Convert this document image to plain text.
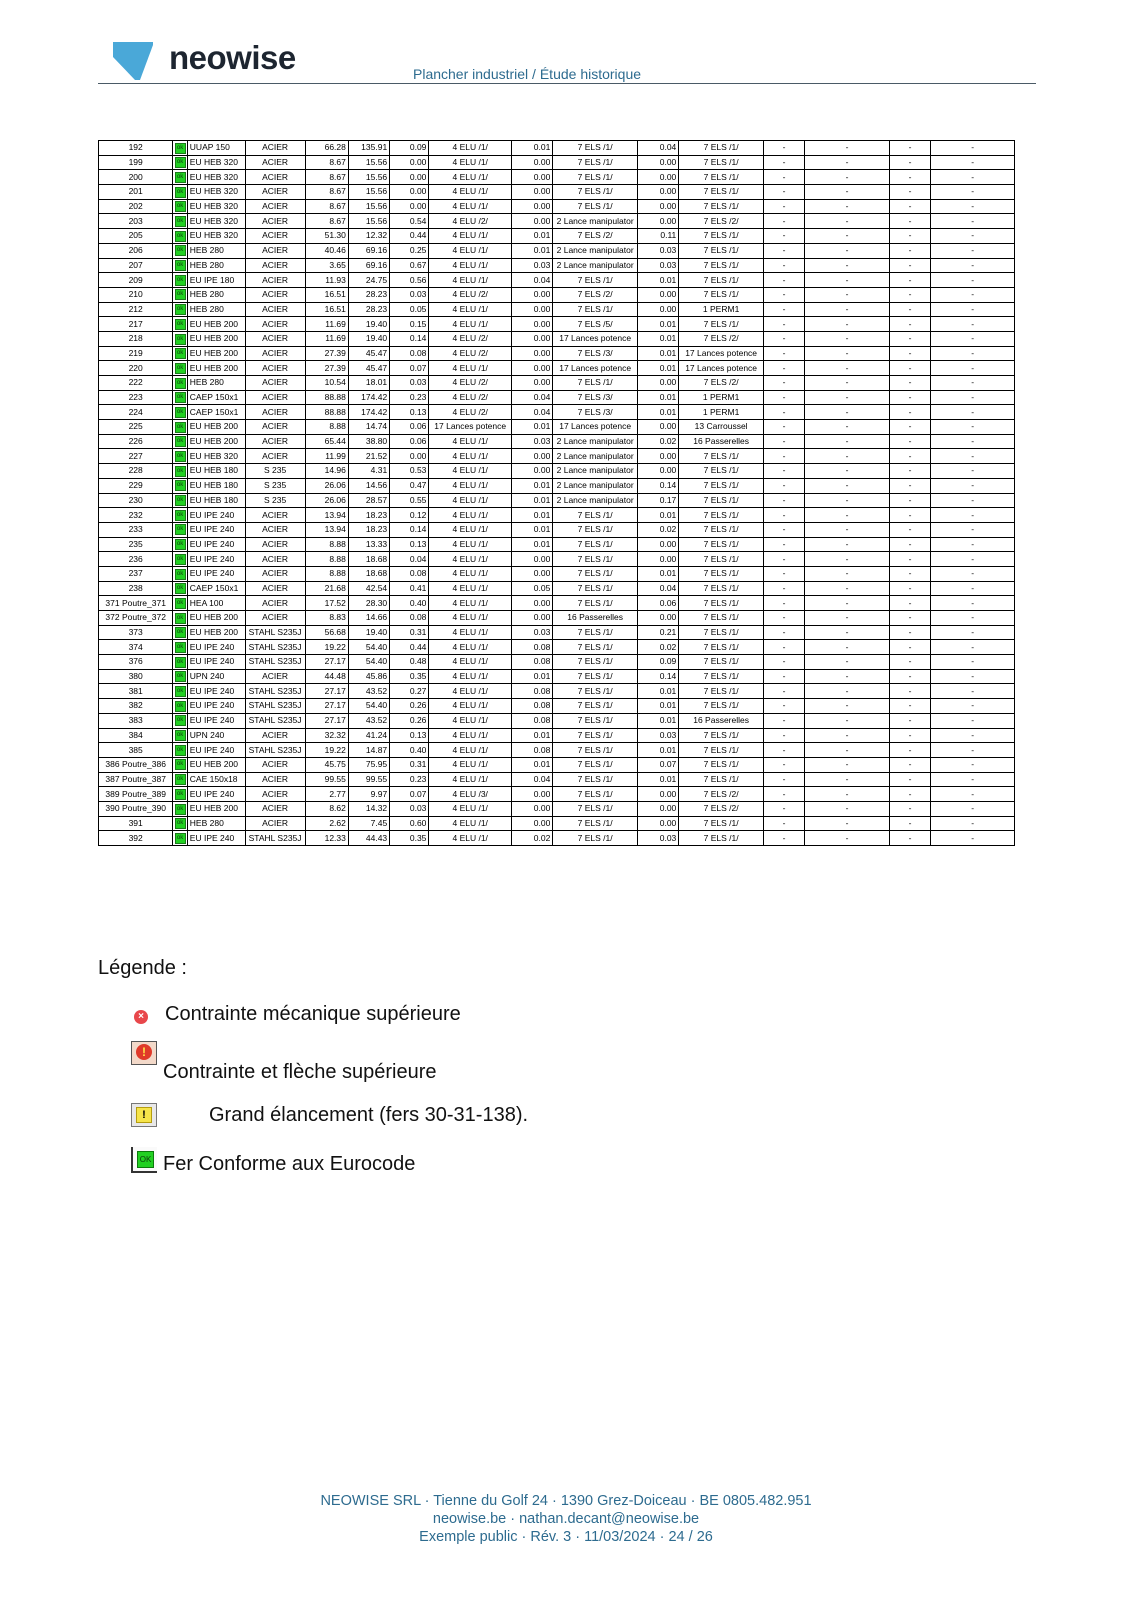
neowise	Plancher industriel / Étude historique
192	ok	UUAP 150	ACIER	66.28	135.91	0.09	4 ELU /1/	0.01	7 ELS /1/	0.04	7 ELS /1/	-	-	-	-
199	ok	EU HEB 320	ACIER	8.67	15.56	0.00	4 ELU /1/	0.00	7 ELS /1/	0.00	7 ELS /1/	-	-	-	-
200	ok	EU HEB 320	ACIER	8.67	15.56	0.00	4 ELU /1/	0.00	7 ELS /1/	0.00	7 ELS /1/	-	-	-	-
201	ok	EU HEB 320	ACIER	8.67	15.56	0.00	4 ELU /1/	0.00	7 ELS /1/	0.00	7 ELS /1/	-	-	-	-
202	ok	EU HEB 320	ACIER	8.67	15.56	0.00	4 ELU /1/	0.00	7 ELS /1/	0.00	7 ELS /1/	-	-	-	-
203	ok	EU HEB 320	ACIER	8.67	15.56	0.54	4 ELU /2/	0.00	2 Lance manipulator	0.00	7 ELS /2/	-	-	-	-
205	ok	EU HEB 320	ACIER	51.30	12.32	0.44	4 ELU /1/	0.01	7 ELS /2/	0.11	7 ELS /1/	-	-	-	-
206	ok	HEB 280	ACIER	40.46	69.16	0.25	4 ELU /1/	0.01	2 Lance manipulator	0.03	7 ELS /1/	-	-	-	-
207	ok	HEB 280	ACIER	3.65	69.16	0.67	4 ELU /1/	0.03	2 Lance manipulator	0.03	7 ELS /1/	-	-	-	-
209	ok	EU IPE 180	ACIER	11.93	24.75	0.56	4 ELU /1/	0.04	7 ELS /1/	0.01	7 ELS /1/	-	-	-	-
210	ok	HEB 280	ACIER	16.51	28.23	0.03	4 ELU /2/	0.00	7 ELS /2/	0.00	7 ELS /1/	-	-	-	-
212	ok	HEB 280	ACIER	16.51	28.23	0.05	4 ELU /1/	0.00	7 ELS /1/	0.00	1 PERM1	-	-	-	-
217	ok	EU HEB 200	ACIER	11.69	19.40	0.15	4 ELU /1/	0.00	7 ELS /5/	0.01	7 ELS /1/	-	-	-	-
218	ok	EU HEB 200	ACIER	11.69	19.40	0.14	4 ELU /2/	0.00	17 Lances potence	0.01	7 ELS /2/	-	-	-	-
219	ok	EU HEB 200	ACIER	27.39	45.47	0.08	4 ELU /2/	0.00	7 ELS /3/	0.01	17 Lances potence	-	-	-	-
220	ok	EU HEB 200	ACIER	27.39	45.47	0.07	4 ELU /1/	0.00	17 Lances potence	0.01	17 Lances potence	-	-	-	-
222	ok	HEB 280	ACIER	10.54	18.01	0.03	4 ELU /2/	0.00	7 ELS /1/	0.00	7 ELS /2/	-	-	-	-
223	ok	CAEP 150x1	ACIER	88.88	174.42	0.23	4 ELU /2/	0.04	7 ELS /3/	0.01	1 PERM1	-	-	-	-
224	ok	CAEP 150x1	ACIER	88.88	174.42	0.13	4 ELU /2/	0.04	7 ELS /3/	0.01	1 PERM1	-	-	-	-
225	ok	EU HEB 200	ACIER	8.88	14.74	0.06	17 Lances potence	0.01	17 Lances potence	0.00	13 Carroussel	-	-	-	-
226	ok	EU HEB 200	ACIER	65.44	38.80	0.06	4 ELU /1/	0.03	2 Lance manipulator	0.02	16 Passerelles	-	-	-	-
227	ok	EU HEB 320	ACIER	11.99	21.52	0.00	4 ELU /1/	0.00	2 Lance manipulator	0.00	7 ELS /1/	-	-	-	-
228	ok	EU HEB 180	S 235	14.96	4.31	0.53	4 ELU /1/	0.00	2 Lance manipulator	0.00	7 ELS /1/	-	-	-	-
229	ok	EU HEB 180	S 235	26.06	14.56	0.47	4 ELU /1/	0.01	2 Lance manipulator	0.14	7 ELS /1/	-	-	-	-
230	ok	EU HEB 180	S 235	26.06	28.57	0.55	4 ELU /1/	0.01	2 Lance manipulator	0.17	7 ELS /1/	-	-	-	-
232	ok	EU IPE 240	ACIER	13.94	18.23	0.12	4 ELU /1/	0.01	7 ELS /1/	0.01	7 ELS /1/	-	-	-	-
233	ok	EU IPE 240	ACIER	13.94	18.23	0.14	4 ELU /1/	0.01	7 ELS /1/	0.02	7 ELS /1/	-	-	-	-
235	ok	EU IPE 240	ACIER	8.88	13.33	0.13	4 ELU /1/	0.01	7 ELS /1/	0.00	7 ELS /1/	-	-	-	-
236	ok	EU IPE 240	ACIER	8.88	18.68	0.04	4 ELU /1/	0.00	7 ELS /1/	0.00	7 ELS /1/	-	-	-	-
237	ok	EU IPE 240	ACIER	8.88	18.68	0.08	4 ELU /1/	0.00	7 ELS /1/	0.01	7 ELS /1/	-	-	-	-
238	ok	CAEP 150x1	ACIER	21.68	42.54	0.41	4 ELU /1/	0.05	7 ELS /1/	0.04	7 ELS /1/	-	-	-	-
371 Poutre_371	ok	HEA 100	ACIER	17.52	28.30	0.40	4 ELU /1/	0.00	7 ELS /1/	0.06	7 ELS /1/	-	-	-	-
372 Poutre_372	ok	EU HEB 200	ACIER	8.83	14.66	0.08	4 ELU /1/	0.00	16 Passerelles	0.00	7 ELS /1/	-	-	-	-
373	ok	EU HEB 200	STAHL S235J	56.68	19.40	0.31	4 ELU /1/	0.03	7 ELS /1/	0.21	7 ELS /1/	-	-	-	-
374	ok	EU IPE 240	STAHL S235J	19.22	54.40	0.44	4 ELU /1/	0.08	7 ELS /1/	0.02	7 ELS /1/	-	-	-	-
376	ok	EU IPE 240	STAHL S235J	27.17	54.40	0.48	4 ELU /1/	0.08	7 ELS /1/	0.09	7 ELS /1/	-	-	-	-
380	ok	UPN 240	ACIER	44.48	45.86	0.35	4 ELU /1/	0.01	7 ELS /1/	0.14	7 ELS /1/	-	-	-	-
381	ok	EU IPE 240	STAHL S235J	27.17	43.52	0.27	4 ELU /1/	0.08	7 ELS /1/	0.01	7 ELS /1/	-	-	-	-
382	ok	EU IPE 240	STAHL S235J	27.17	54.40	0.26	4 ELU /1/	0.08	7 ELS /1/	0.01	7 ELS /1/	-	-	-	-
383	ok	EU IPE 240	STAHL S235J	27.17	43.52	0.26	4 ELU /1/	0.08	7 ELS /1/	0.01	16 Passerelles	-	-	-	-
384	ok	UPN 240	ACIER	32.32	41.24	0.13	4 ELU /1/	0.01	7 ELS /1/	0.03	7 ELS /1/	-	-	-	-
385	ok	EU IPE 240	STAHL S235J	19.22	14.87	0.40	4 ELU /1/	0.08	7 ELS /1/	0.01	7 ELS /1/	-	-	-	-
386 Poutre_386	ok	EU HEB 200	ACIER	45.75	75.95	0.31	4 ELU /1/	0.01	7 ELS /1/	0.07	7 ELS /1/	-	-	-	-
387 Poutre_387	ok	CAE 150x18	ACIER	99.55	99.55	0.23	4 ELU /1/	0.04	7 ELS /1/	0.01	7 ELS /1/	-	-	-	-
389 Poutre_389	ok	EU IPE 240	ACIER	2.77	9.97	0.07	4 ELU /3/	0.00	7 ELS /1/	0.00	7 ELS /2/	-	-	-	-
390 Poutre_390	ok	EU HEB 200	ACIER	8.62	14.32	0.03	4 ELU /1/	0.00	7 ELS /1/	0.00	7 ELS /2/	-	-	-	-
391	ok	HEB 280	ACIER	2.62	7.45	0.60	4 ELU /1/	0.00	7 ELS /1/	0.00	7 ELS /1/	-	-	-	-
392	ok	EU IPE 240	STAHL S235J	12.33	44.43	0.35	4 ELU /1/	0.02	7 ELS /1/	0.03	7 ELS /1/	-	-	-	-
Légende :
× Contrainte mécanique supérieure
!
Contrainte et flèche supérieure
!	Grand élancement (fers 30-31-138).
OK Fer Conforme aux Eurocode
NEOWISE SRL · Tienne du Golf 24 · 1390 Grez-Doiceau · BE 0805.482.951
neowise.be · nathan.decant@neowise.be
Exemple public · Rév. 3 · 11/03/2024 · 24 / 26
